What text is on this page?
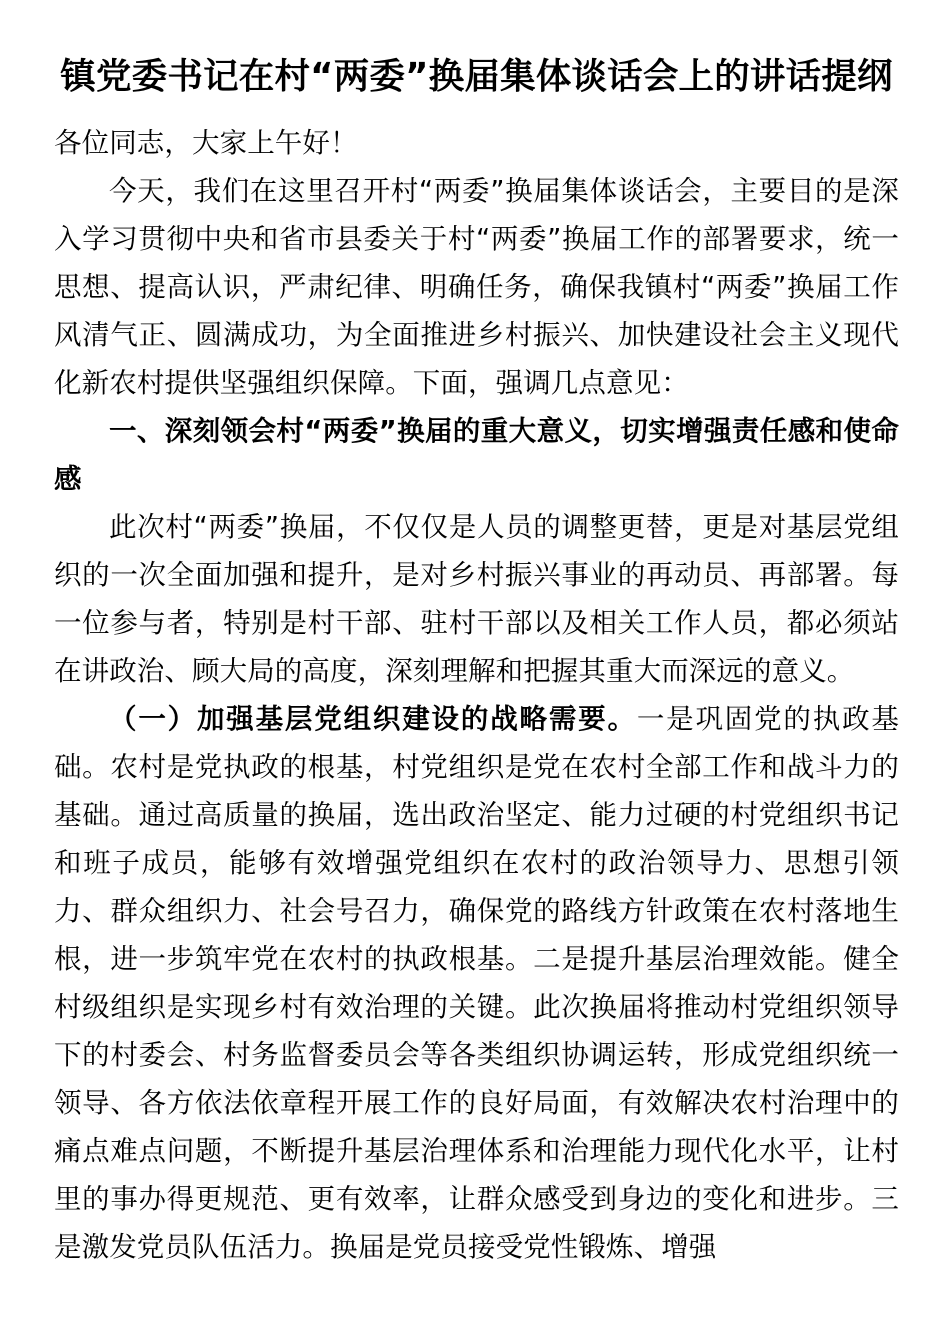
镇党委书记在村“两委”换届集体谈话会上的讲话提纲

各位同志，大家上午好！

今天，我们在这里召开村“两委”换届集体谈话会，主要目的是深入学习贯彻中央和省市县委关于村“两委”换届工作的部署要求，统一思想、提高认识，严肃纪律、明确任务，确保我镇村“两委”换届工作风清气正、圆满成功，为全面推进乡村振兴、加快建设社会主义现代化新农村提供坚强组织保障。下面，强调几点意见：

一、深刻领会村“两委”换届的重大意义，切实增强责任感和使命感

此次村“两委”换届，不仅仅是人员的调整更替，更是对基层党组织的一次全面加强和提升，是对乡村振兴事业的再动员、再部署。每一位参与者，特别是村干部、驻村干部以及相关工作人员，都必须站在讲政治、顾大局的高度，深刻理解和把握其重大而深远的意义。

（一）加强基层党组织建设的战略需要。一是巩固党的执政基础。农村是党执政的根基，村党组织是党在农村全部工作和战斗力的基础。通过高质量的换届，选出政治坚定、能力过硬的村党组织书记和班子成员，能够有效增强党组织在农村的政治领导力、思想引领力、群众组织力、社会号召力，确保党的路线方针政策在农村落地生根，进一步筑牢党在农村的执政根基。二是提升基层治理效能。健全村级组织是实现乡村有效治理的关键。此次换届将推动村党组织领导下的村委会、村务监督委员会等各类组织协调运转，形成党组织统一领导、各方依法依章程开展工作的良好局面，有效解决农村治理中的痛点难点问题，不断提升基层治理体系和治理能力现代化水平，让村里的事办得更规范、更有效率，让群众感受到身边的变化和进步。三是激发党员队伍活力。换届是党员接受党性锻炼、增强
